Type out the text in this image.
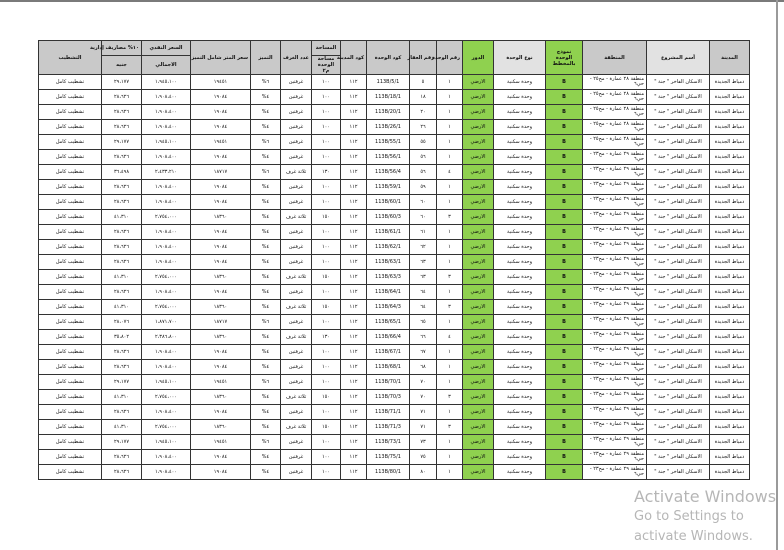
المدينة	أسم المشروع	المنطقة	نموذج الوحدة بالمخطط	نوع الوحدة	الدور	رقم الوحدة	رقم العقار	كود الوحدة	كود المدينة	المساحة	عدد الغرف	التميز	سعر المتر شامل التميز	السعر النقدي	١٠% مصاريف إدارية	التشطيب
										مساحة الوحدة م٢				الاجمالي	جنيه	
دمياط الجديدة	الاسكان الفاخر " جنة "	منطقة ٢٨ عمارة - مج٢٥ - حي٦	B	وحدة سكنية	الارضي	١	٥	113B/5/1	١١٢	١٠٠	غرفتين	٦%	١٩٤٥١	١،٩٤٥،١٠٠	٢٩،١٧٧	تشطيب كامل
دمياط الجديدة	الاسكان الفاخر " جنة "	منطقة ٢٨ عمارة - مج٢٥ - حي٦	B	وحدة سكنية	الارضي	١	١٨	113B/18/1	١١٢	١٠٠	غرفتين	٤%	١٩٠٨٤	١،٩٠٨،٤٠٠	٢٨،٦٢٦	تشطيب كامل
دمياط الجديدة	الاسكان الفاخر " جنة "	منطقة ٢٨ عمارة - مج٢٥ - حي٦	B	وحدة سكنية	الارضي	١	٢٠	113B/20/1	١١٢	١٠٠	غرفتين	٤%	١٩٠٨٤	١،٩٠٨،٤٠٠	٢٨،٦٢٦	تشطيب كامل
دمياط الجديدة	الاسكان الفاخر " جنة "	منطقة ٢٨ عمارة - مج٢٥ - حي٦	B	وحدة سكنية	الارضي	١	٢٦	113B/26/1	١١٢	١٠٠	غرفتين	٤%	١٩٠٨٤	١،٩٠٨،٤٠٠	٢٨،٦٢٦	تشطيب كامل
دمياط الجديدة	الاسكان الفاخر " جنة "	منطقة ٢٨ عمارة - مج٢٥ - حي٦	B	وحدة سكنية	الارضي	١	٥٥	113B/55/1	١١٢	١٠٠	غرفتين	٦%	١٩٤٥١	١،٩٤٥،١٠٠	٢٩،١٧٧	تشطيب كامل
دمياط الجديدة	الاسكان الفاخر " جنة "	منطقة ٢٩ عمارة - مج٢٣ - حي٦	B	وحدة سكنية	الارضي	١	٥٦	113B/56/1	١١٢	١٠٠	غرفتين	٤%	١٩٠٨٤	١،٩٠٨،٤٠٠	٢٨،٦٢٦	تشطيب كامل
دمياط الجديدة	الاسكان الفاخر " جنة "	منطقة ٢٩ عمارة - مج٢٣ - حي٦	B	وحدة سكنية	الارضي	٤	٥٦	113B/56/4	١١٢	١٣٠	ثلاثة غرف	٦%	١٨٧١٧	٢،٤٣٣،٢١٠	٣٦،٤٩٨	تشطيب كامل
دمياط الجديدة	الاسكان الفاخر " جنة "	منطقة ٢٩ عمارة - مج٢٣ - حي٦	B	وحدة سكنية	الارضي	١	٥٩	113B/59/1	١١٢	١٠٠	غرفتين	٤%	١٩٠٨٤	١،٩٠٨،٤٠٠	٢٨،٦٢٦	تشطيب كامل
دمياط الجديدة	الاسكان الفاخر " جنة "	منطقة ٢٩ عمارة - مج٢٣ - حي٦	B	وحدة سكنية	الارضي	١	٦٠	113B/60/1	١١٢	١٠٠	غرفتين	٤%	١٩٠٨٤	١،٩٠٨،٤٠٠	٢٨،٦٢٦	تشطيب كامل
دمياط الجديدة	الاسكان الفاخر " جنة "	منطقة ٢٩ عمارة - مج٢٣ - حي٦	B	وحدة سكنية	الارضي	٣	٦٠	113B/60/3	١١٢	١٥٠	ثلاثة غرف	٤%	١٨٣٦٠	٢،٧٥٤،٠٠٠	٤١،٣١٠	تشطيب كامل
دمياط الجديدة	الاسكان الفاخر " جنة "	منطقة ٢٩ عمارة - مج٢٣ - حي٦	B	وحدة سكنية	الارضي	١	٦١	113B/61/1	١١٢	١٠٠	غرفتين	٤%	١٩٠٨٤	١،٩٠٨،٤٠٠	٢٨،٦٢٦	تشطيب كامل
دمياط الجديدة	الاسكان الفاخر " جنة "	منطقة ٢٩ عمارة - مج٢٣ - حي٦	B	وحدة سكنية	الارضي	١	٦٢	113B/62/1	١١٢	١٠٠	غرفتين	٤%	١٩٠٨٤	١،٩٠٨،٤٠٠	٢٨،٦٢٦	تشطيب كامل
دمياط الجديدة	الاسكان الفاخر " جنة "	منطقة ٢٩ عمارة - مج٢٣ - حي٦	B	وحدة سكنية	الارضي	١	٦٣	113B/63/1	١١٢	١٠٠	غرفتين	٤%	١٩٠٨٤	١،٩٠٨،٤٠٠	٢٨،٦٢٦	تشطيب كامل
دمياط الجديدة	الاسكان الفاخر " جنة "	منطقة ٢٩ عمارة - مج٢٣ - حي٦	B	وحدة سكنية	الارضي	٣	٦٣	113B/63/3	١١٢	١٥٠	ثلاثة غرف	٤%	١٨٣٦٠	٢،٧٥٤،٠٠٠	٤١،٣١٠	تشطيب كامل
دمياط الجديدة	الاسكان الفاخر " جنة "	منطقة ٢٩ عمارة - مج٢٣ - حي٦	B	وحدة سكنية	الارضي	١	٦٤	113B/64/1	١١٢	١٠٠	غرفتين	٤%	١٩٠٨٤	١،٩٠٨،٤٠٠	٢٨،٦٢٦	تشطيب كامل
دمياط الجديدة	الاسكان الفاخر " جنة "	منطقة ٢٩ عمارة - مج٢٣ - حي٦	B	وحدة سكنية	الارضي	٣	٦٤	113B/64/3	١١٢	١٥٠	ثلاثة غرف	٤%	١٨٣٦٠	٢،٧٥٤،٠٠٠	٤١،٣١٠	تشطيب كامل
دمياط الجديدة	الاسكان الفاخر " جنة "	منطقة ٢٩ عمارة - مج٢٣ - حي٦	B	وحدة سكنية	الارضي	١	٦٥	113B/65/1	١١٢	١٠٠	غرفتين	٦%	١٨٧١٧	١،٨٧١،٧٠٠	٢٨،٠٧٦	تشطيب كامل
دمياط الجديدة	الاسكان الفاخر " جنة "	منطقة ٢٩ عمارة - مج٢٣ - حي٦	B	وحدة سكنية	الارضي	٤	٦٦	113B/66/4	١١٢	١٣٠	ثلاثة غرف	٤%	١٨٣٦٠	٢،٣٨٦،٨٠٠	٣٥،٨٠٢	تشطيب كامل
دمياط الجديدة	الاسكان الفاخر " جنة "	منطقة ٢٩ عمارة - مج٢٣ - حي٦	B	وحدة سكنية	الارضي	١	٦٧	113B/67/1	١١٢	١٠٠	غرفتين	٤%	١٩٠٨٤	١،٩٠٨،٤٠٠	٢٨،٦٢٦	تشطيب كامل
دمياط الجديدة	الاسكان الفاخر " جنة "	منطقة ٢٩ عمارة - مج٢٣ - حي٦	B	وحدة سكنية	الارضي	١	٦٨	113B/68/1	١١٢	١٠٠	غرفتين	٤%	١٩٠٨٤	١،٩٠٨،٤٠٠	٢٨،٦٢٦	تشطيب كامل
دمياط الجديدة	الاسكان الفاخر " جنة "	منطقة ٢٩ عمارة - مج٢٣ - حي٦	B	وحدة سكنية	الارضي	١	٧٠	113B/70/1	١١٢	١٠٠	غرفتين	٦%	١٩٤٥١	١،٩٤٥،١٠٠	٢٩،١٧٧	تشطيب كامل
دمياط الجديدة	الاسكان الفاخر " جنة "	منطقة ٢٩ عمارة - مج٢٣ - حي٦	B	وحدة سكنية	الارضي	٣	٧٠	113B/70/3	١١٢	١٥٠	ثلاثة غرف	٤%	١٨٣٦٠	٢،٧٥٤،٠٠٠	٤١،٣١٠	تشطيب كامل
دمياط الجديدة	الاسكان الفاخر " جنة "	منطقة ٢٩ عمارة - مج٢٣ - حي٦	B	وحدة سكنية	الارضي	١	٧١	113B/71/1	١١٢	١٠٠	غرفتين	٤%	١٩٠٨٤	١،٩٠٨،٤٠٠	٢٨،٦٢٦	تشطيب كامل
دمياط الجديدة	الاسكان الفاخر " جنة "	منطقة ٢٩ عمارة - مج٢٣ - حي٦	B	وحدة سكنية	الارضي	٣	٧١	113B/71/3	١١٢	١٥٠	ثلاثة غرف	٤%	١٨٣٦٠	٢،٧٥٤،٠٠٠	٤١،٣١٠	تشطيب كامل
دمياط الجديدة	الاسكان الفاخر " جنة "	منطقة ٢٩ عمارة - مج٢٣ - حي٦	B	وحدة سكنية	الارضي	١	٧٣	113B/73/1	١١٢	١٠٠	غرفتين	٦%	١٩٤٥١	١،٩٤٥،١٠٠	٢٩،١٧٧	تشطيب كامل
دمياط الجديدة	الاسكان الفاخر " جنة "	منطقة ٢٩ عمارة - مج٢٣ - حي٦	B	وحدة سكنية	الارضي	١	٧٥	113B/75/1	١١٢	١٠٠	غرفتين	٤%	١٩٠٨٤	١،٩٠٨،٤٠٠	٢٨،٦٢٦	تشطيب كامل
دمياط الجديدة	الاسكان الفاخر " جنة "	منطقة ٢٩ عمارة - مج٢٣ - حي٦	B	وحدة سكنية	الارضي	١	٨٠	113B/80/1	١١٢	١٠٠	غرفتين	٤%	١٩٠٨٤	١،٩٠٨،٤٠٠	٢٨،٦٢٦	تشطيب كامل
Activate Windows
Go to Settings to activate Windows.
